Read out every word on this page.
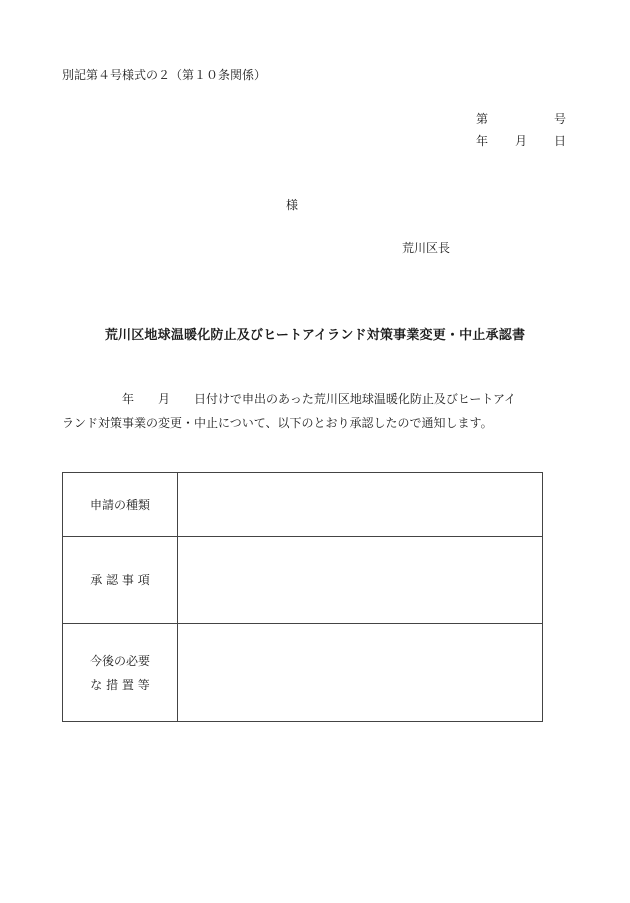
別記第４号様式の２（第１０条関係）
第	号
年 月 日
様
荒川区長
荒川区地球温暖化防止及びヒートアイランド対策事業変更・中止承認書
　　　　　年　　月　　日付けで申出のあった荒川区地球温暖化防止及びヒートアイ
ランド対策事業の変更・中止について、以下のとおり承認したので通知します。
申請の種類	
承 認 事 項	

今後の必要
な 措 置 等	
